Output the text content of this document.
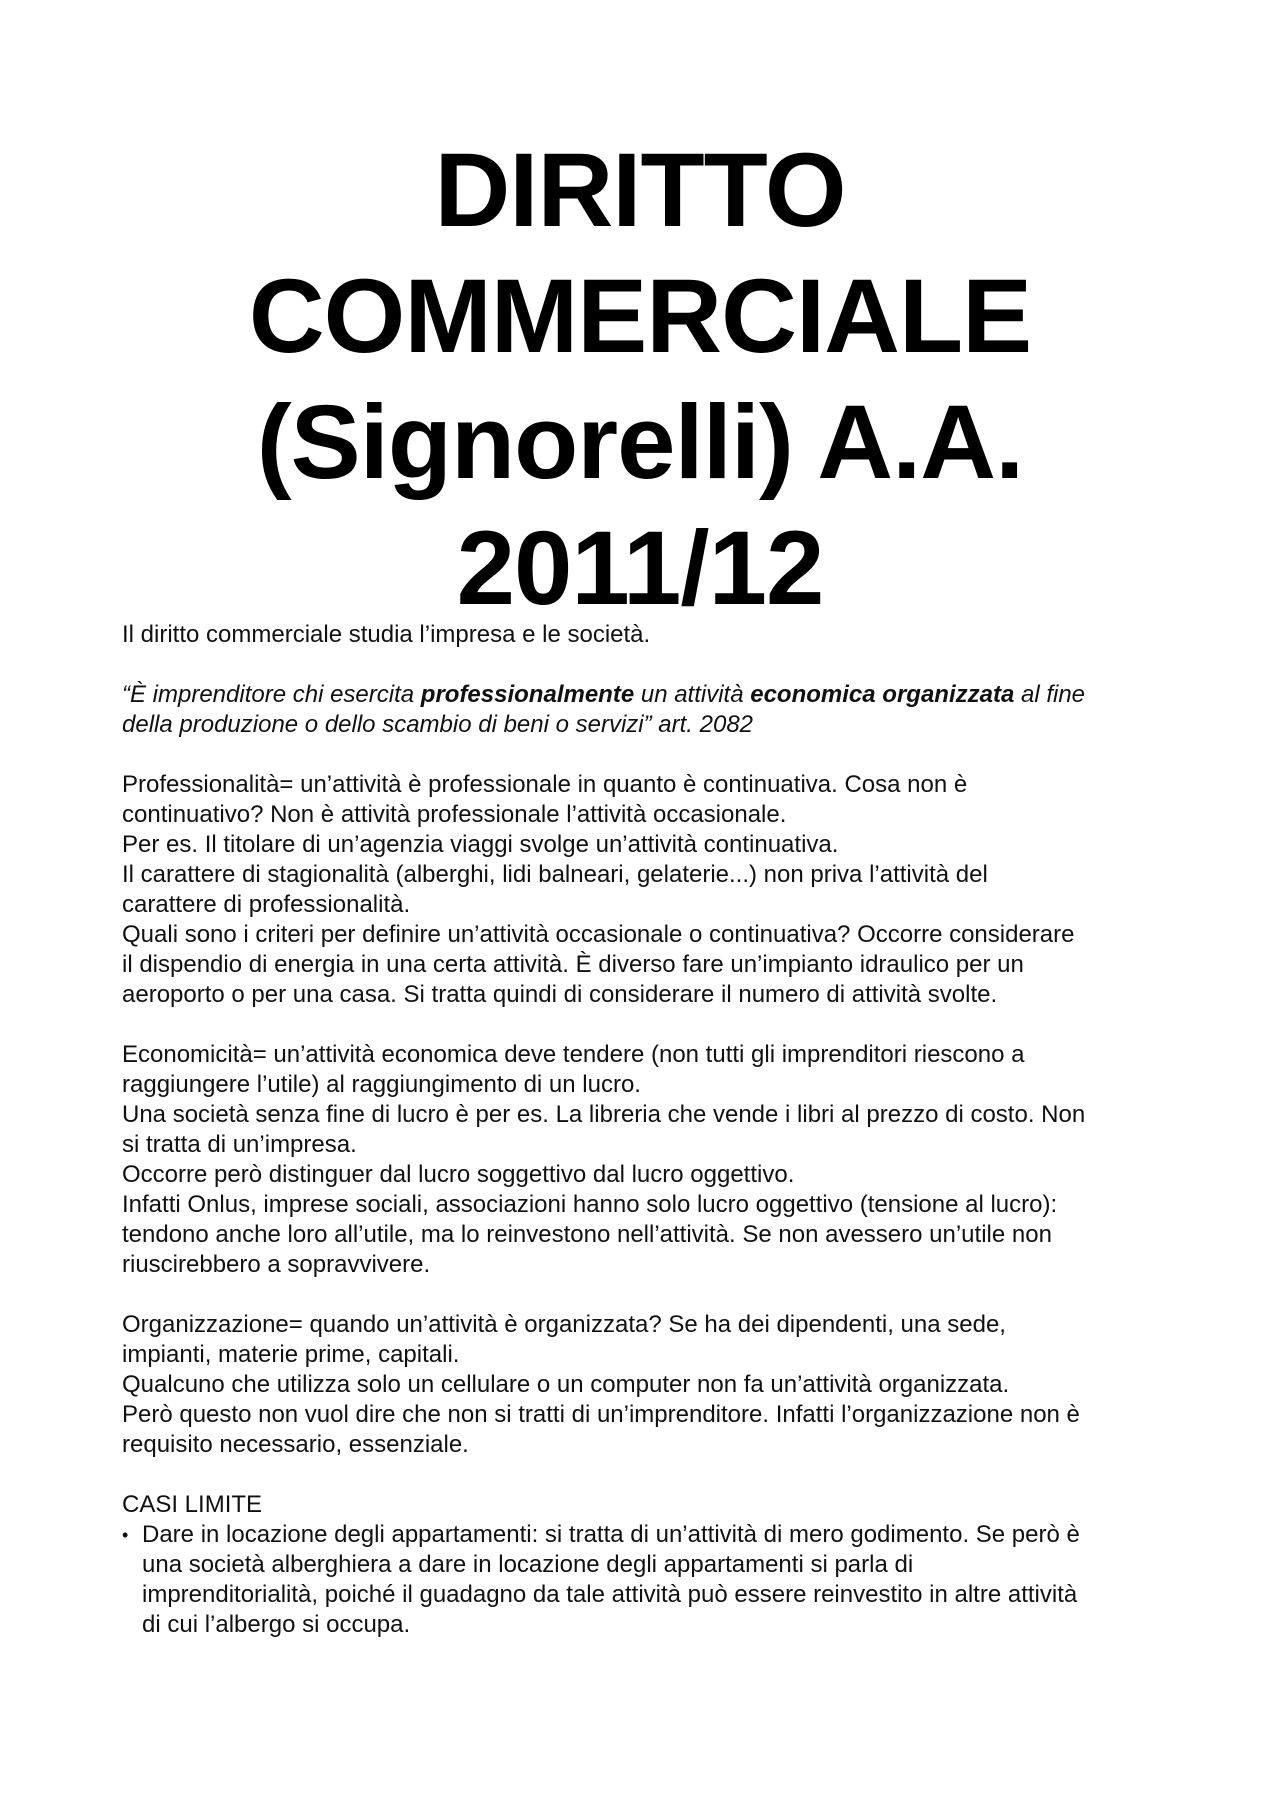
DIRITTO
COMMERCIALE
(Signorelli) A.A.
2011/12

Il diritto commerciale studia l’impresa e le società.

“È imprenditore chi esercita professionalmente un attività economica organizzata al fine
della produzione o dello scambio di beni o servizi” art. 2082

Professionalità= un’attività è professionale in quanto è continuativa. Cosa non è

continuativo? Non è attività professionale l’attività occasionale.

Per es. Il titolare di un’agenzia viaggi svolge un’attività continuativa.

Il carattere di stagionalità (alberghi, lidi balneari, gelaterie...) non priva l’attività del

carattere di professionalità.

Quali sono i criteri per definire un’attività occasionale o continuativa? Occorre considerare

il dispendio di energia in una certa attività. È diverso fare un’impianto idraulico per un

aeroporto o per una casa. Si tratta quindi di considerare il numero di attività svolte.

Economicità= un’attività economica deve tendere (non tutti gli imprenditori riescono a

raggiungere l’utile) al raggiungimento di un lucro.

Una società senza fine di lucro è per es. La libreria che vende i libri al prezzo di costo. Non

si tratta di un’impresa.

Occorre però distinguer dal lucro soggettivo dal lucro oggettivo.

Infatti Onlus, imprese sociali, associazioni hanno solo lucro oggettivo (tensione al lucro):

tendono anche loro all’utile, ma lo reinvestono nell’attività. Se non avessero un’utile non

riuscirebbero a sopravvivere.

Organizzazione= quando un’attività è organizzata? Se ha dei dipendenti, una sede,

impianti, materie prime, capitali.

Qualcuno che utilizza solo un cellulare o un computer non fa un’attività organizzata.

Però questo non vuol dire che non si tratti di un’imprenditore. Infatti l’organizzazione non è

requisito necessario, essenziale.

CASI LIMITE

• Dare in locazione degli appartamenti: si tratta di un’attività di mero godimento. Se però è

una società alberghiera a dare in locazione degli appartamenti si parla di

imprenditorialità, poiché il guadagno da tale attività può essere reinvestito in altre attività

di cui l’albergo si occupa.
